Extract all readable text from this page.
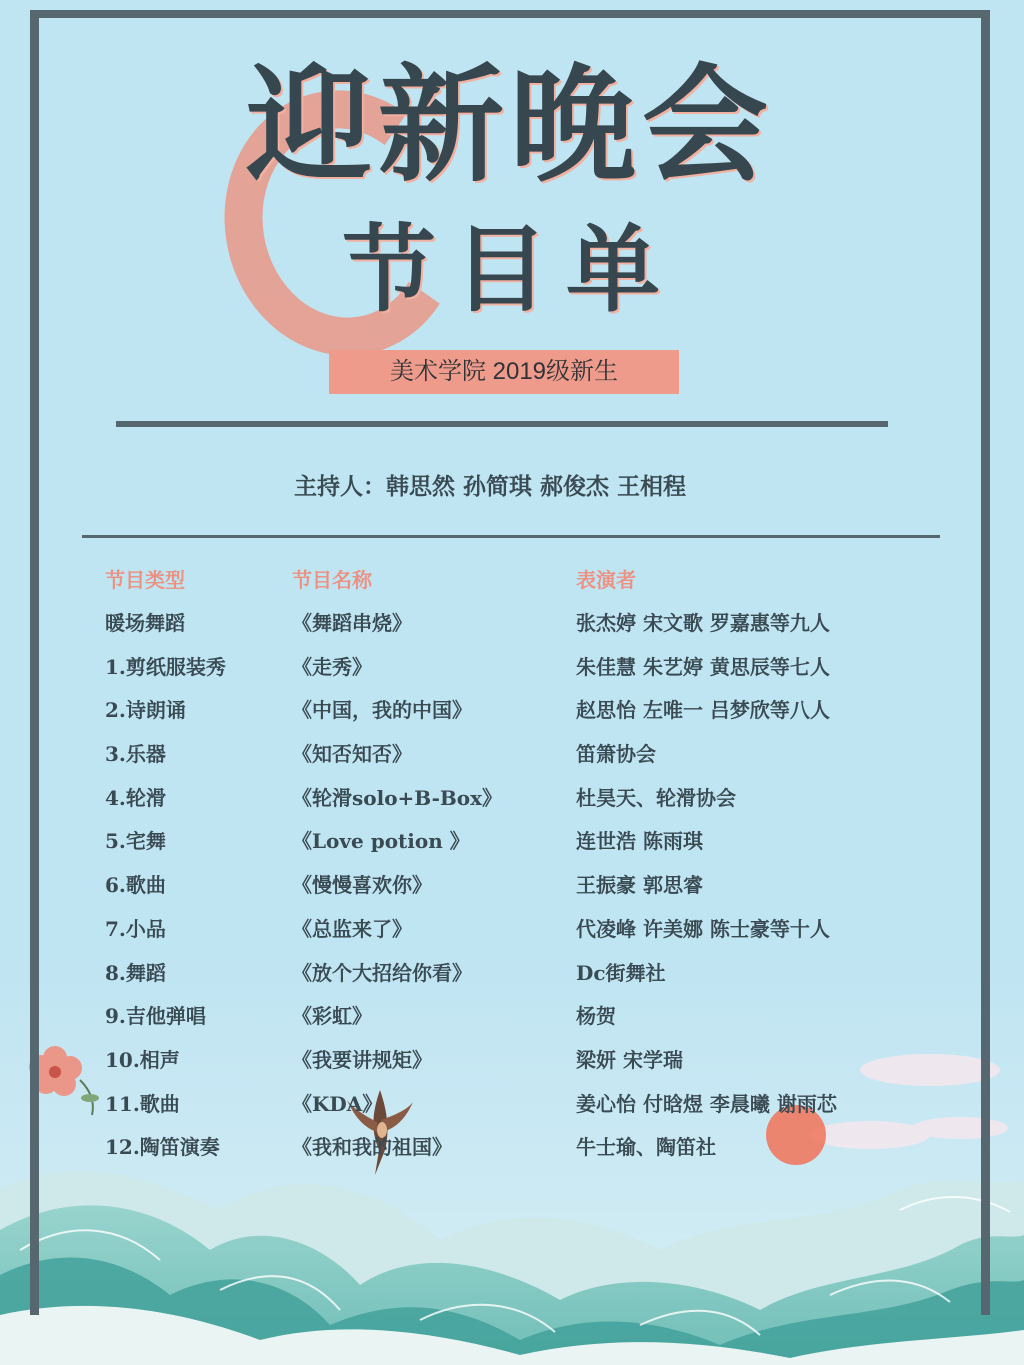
迎新晚会
节目单
美术学院 2019级新生
主持人：韩思然 孙简琪 郝俊杰 王相程
节目类型	节目名称	表演者
暖场舞蹈	《舞蹈串烧》	张杰婷 宋文歌 罗嘉惠等九人
1.剪纸服装秀	《走秀》	朱佳慧 朱艺婷 黄思辰等七人
2.诗朗诵	《中国，我的中国》	赵思怡 左唯一 吕梦欣等八人
3.乐器	《知否知否》	笛箫协会
4.轮滑	《轮滑solo+B-Box》	杜昊天、轮滑协会
5.宅舞	《Love potion 》	连世浩 陈雨琪
6.歌曲	《慢慢喜欢你》	王振豪 郭思睿
7.小品	《总监来了》	代凌峰 许美娜 陈士豪等十人
8.舞蹈	《放个大招给你看》	Dc街舞社
9.吉他弹唱	《彩虹》	杨贺
10.相声	《我要讲规矩》	梁妍 宋学瑞
11.歌曲	《KDA》	姜心怡 付晗煜 李晨曦 谢雨芯
12.陶笛演奏	《我和我的祖国》	牛士瑜、陶笛社
